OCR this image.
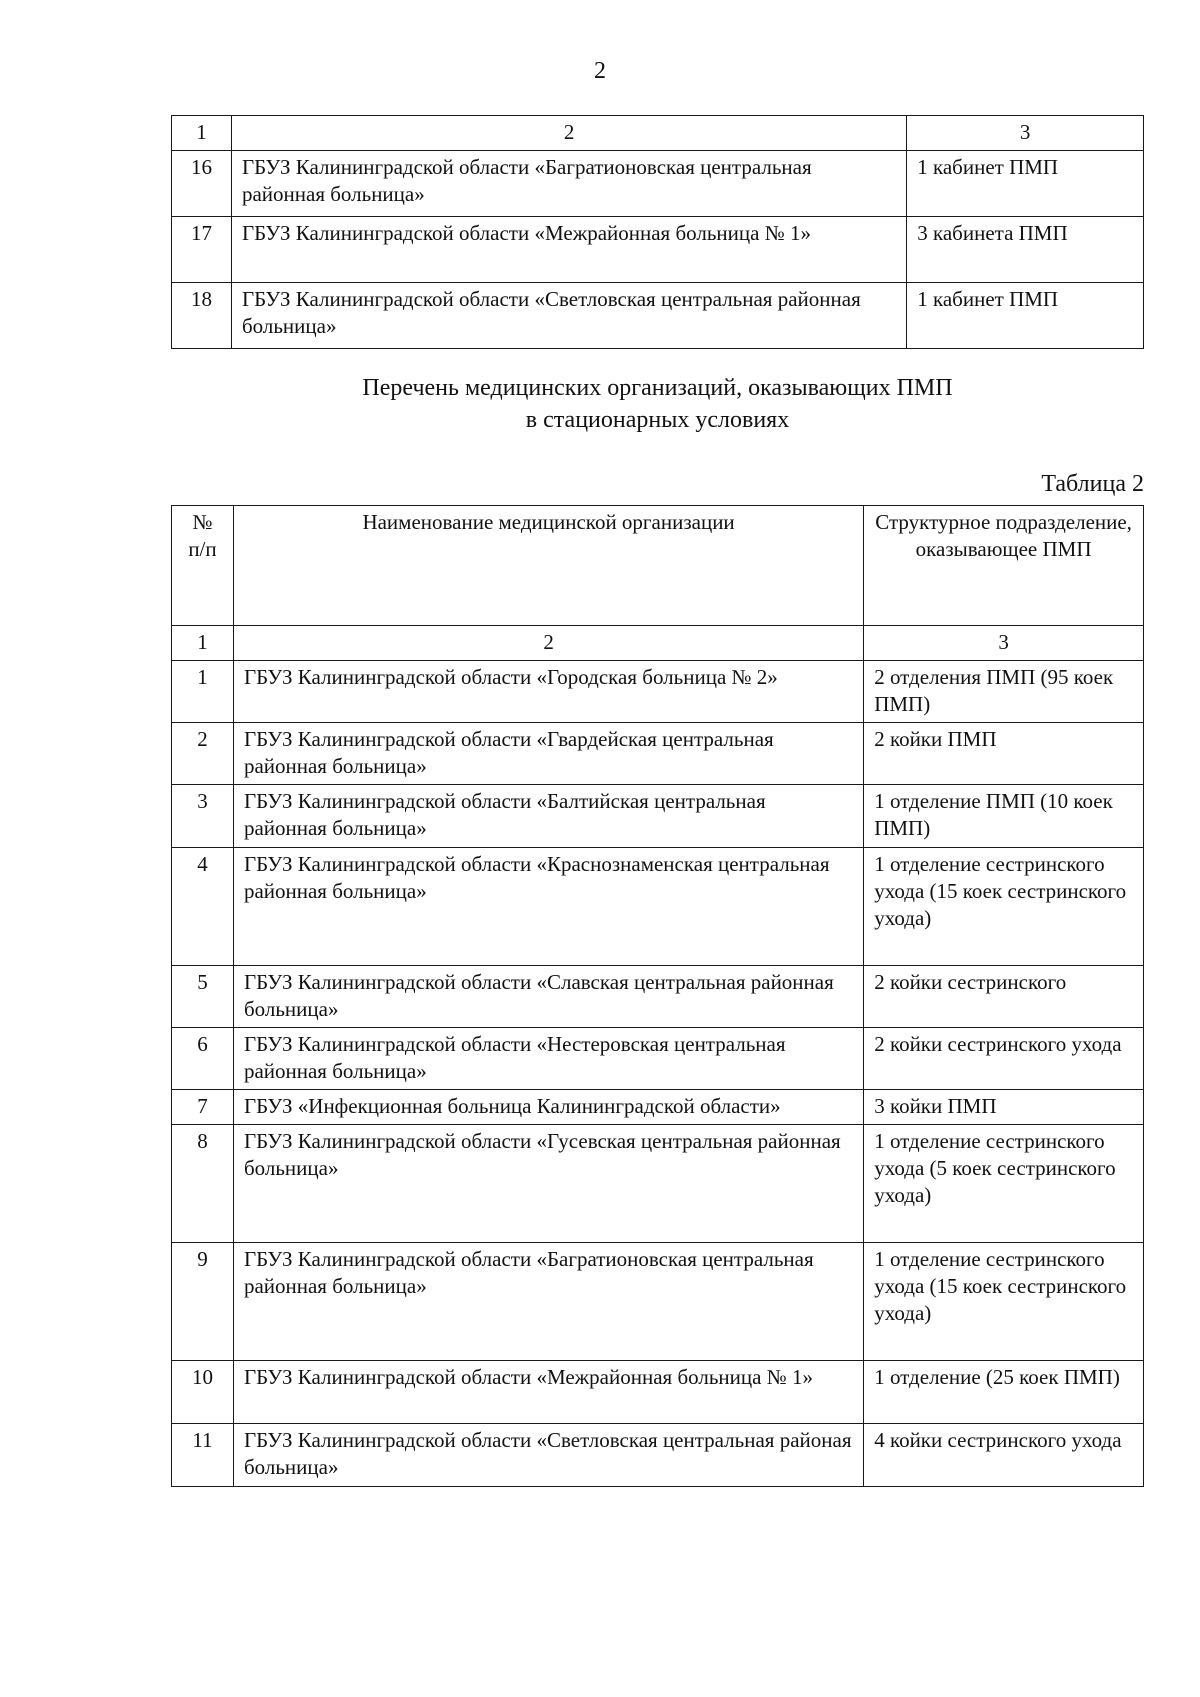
2
1	2	3
16	ГБУЗ Калининградской области «Багратионовская центральная районная больница»	1 кабинет ПМП
17	ГБУЗ Калининградской области «Межрайонная больница № 1»	3 кабинета ПМП
18	ГБУЗ Калининградской области «Светловская центральная районная больница»	1 кабинет ПМП
Перечень медицинских организаций, оказывающих ПМП
в стационарных условиях
Таблица 2
№ п/п	Наименование медицинской организации	Структурное подразделение, оказывающее ПМП
1	2	3
1	ГБУЗ Калининградской области «Городская больница № 2»	2 отделения ПМП (95 коек ПМП)
2	ГБУЗ Калининградской области «Гвардейская центральная районная больница»	2 койки ПМП
3	ГБУЗ Калининградской области «Балтийская центральная районная больница»	1 отделение ПМП (10 коек ПМП)
4	ГБУЗ Калининградской области «Краснознаменская центральная районная больница»	1 отделение сестринского ухода (15 коек сестринского ухода)
5	ГБУЗ Калининградской области «Славская центральная районная больница»	2 койки сестринского
6	ГБУЗ Калининградской области «Нестеровская центральная районная больница»	2 койки сестринского ухода
7	ГБУЗ «Инфекционная больница Калининградской области»	3 койки ПМП
8	ГБУЗ Калининградской области «Гусевская центральная районная больница»	1 отделение сестринского ухода (5 коек сестринского ухода)
9	ГБУЗ Калининградской области «Багратионовская центральная районная больница»	1 отделение сестринского ухода (15 коек сестринского ухода)
10	ГБУЗ Калининградской области «Межрайонная больница № 1»	1 отделение (25 коек ПМП)
11	ГБУЗ Калининградской области «Светловская центральная районая больница»	4 койки сестринского ухода
